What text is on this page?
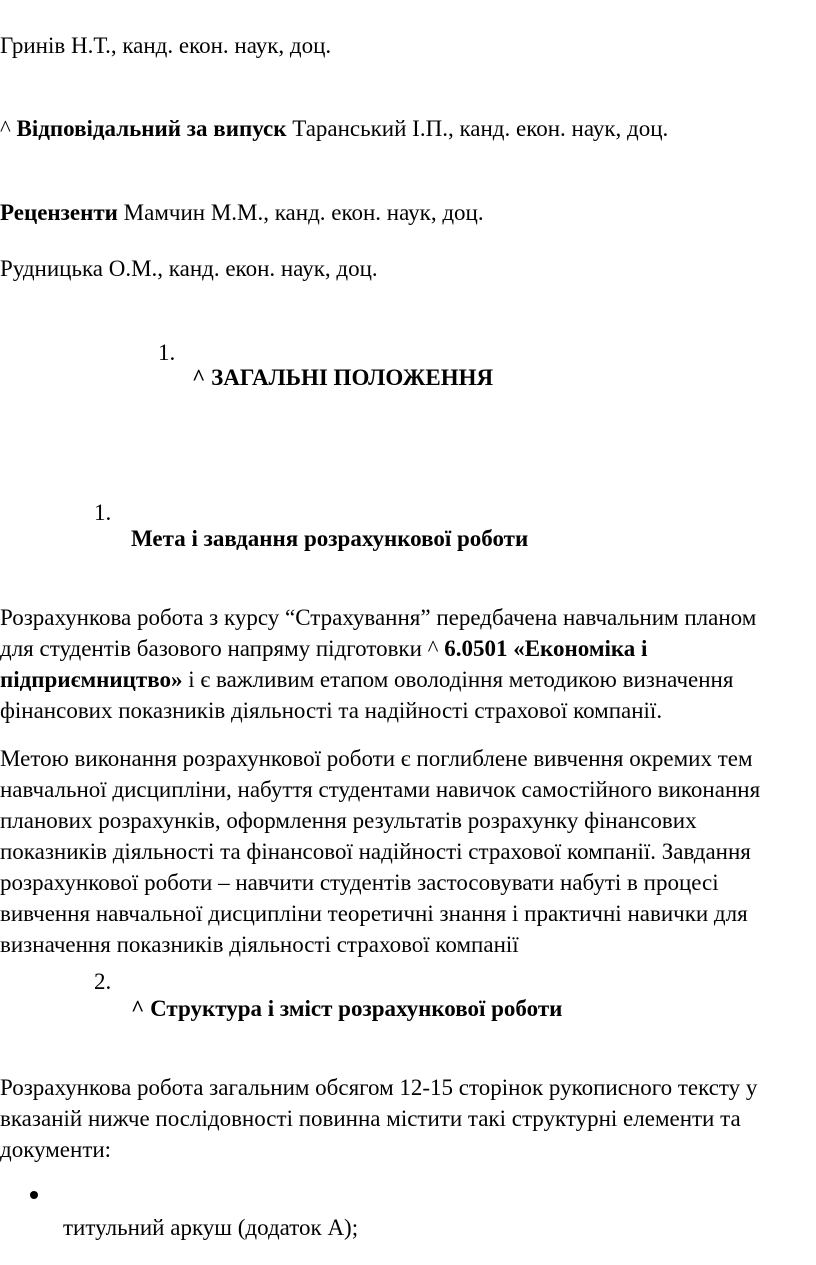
Гринів Н.Т., канд. екон. наук, доц.
^ Відповідальний за випуск Таранський І.П., канд. екон. наук, доц.
Рецензенти Мамчин М.М., канд. екон. наук, доц.
Рудницька О.М., канд. екон. наук, доц.
1.
^ ЗАГАЛЬНІ ПОЛОЖЕННЯ
1.
Мета і завдання розрахункової роботи
Розрахункова робота з курсу “Страхування” передбачена навчальним планом
для студентів базового напряму підготовки ^ 6.0501 «Економіка і
підприємництво» і є важливим етапом оволодіння методикою визначення
фінансових показників діяльності та надійності страхової компанії.
Метою виконання розрахункової роботи є поглиблене вивчення окремих тем
навчальної дисципліни, набуття студентами навичок самостійного виконання
планових розрахунків, оформлення результатів розрахунку фінансових
показників діяльності та фінансової надійності страхової компанії. Завдання
розрахункової роботи – навчити студентів застосовувати набуті в процесі
вивчення навчальної дисципліни теоретичні знання і практичні навички для
визначення показників діяльності страхової компанії
2.
^ Структура і зміст розрахункової роботи
Розрахункова робота загальним обсягом 12-15 сторінок рукописного тексту у
вказаній нижче послідовності повинна містити такі структурні елементи та
документи:
титульний аркуш (додаток А);
